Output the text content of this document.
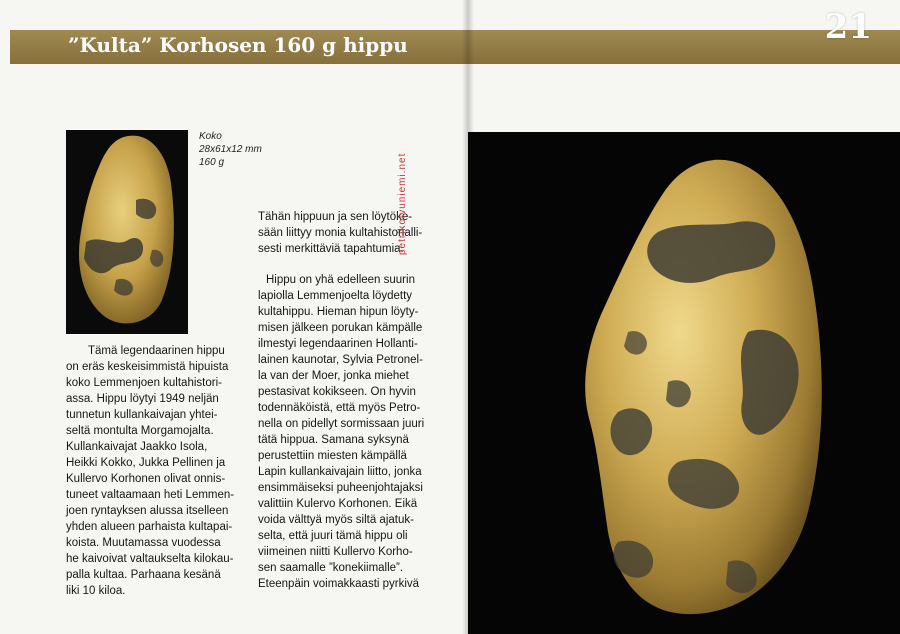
”Kulta” Korhosen 160 g hippu
Koko
28x61x12 mm
160 g

Tämä legendaarinen hippu

on eräs keskeisimmistä hipuista

koko Lemmenjoen kultahistori-

assa. Hippu löytyi 1949 neljän

tunnetun kullankaivajan yhtei-

seltä montulta Morgamojalta.

Kullankaivajat Jaakko Isola,

Heikki Kokko, Jukka Pellinen ja

Kullervo Korhonen olivat onnis-

tuneet valtaamaan heti Lemmen-

joen ryntayksen alussa itselleen

yhden alueen parhaista kultapai-

koista. Muutamassa vuodessa

he kaivoivat valtaukselta kilokau-

palla kultaa. Parhaana kesänä

liki 10 kiloa.

Tähän hippuun ja sen löytöke-

sään liittyy monia kultahistorialli-

sesti merkittäviä tapahtumia.

Hippu on yhä edelleen suurin

lapiolla Lemmenjoelta löydetty

kultahippu. Hieman hipun löyty-

misen jälkeen porukan kämpälle

ilmestyi legendaarinen Hollanti-

lainen kaunotar, Sylvia Petronel-

la van der Moer, jonka miehet

pestasivat kokikseen. On hyvin

todennäköistä, että myös Petro-

nella on pidellyt sormissaan juuri

tätä hippua. Samana syksynä

perustettiin miesten kämpällä

Lapin kullankaivajain liitto, jonka

ensimmäiseksi puheenjohtajaksi

valittiin Kulervo Korhonen. Eikä

voida välttyä myös siltä ajatuk-

selta, että juuri tämä hippu oli

viimeinen niitti Kullervo Korho-

sen saamalle ”konekiimalle”.

Eteenpäin voimakkaasti pyrkivä

petrikoivuniemi.net
21
